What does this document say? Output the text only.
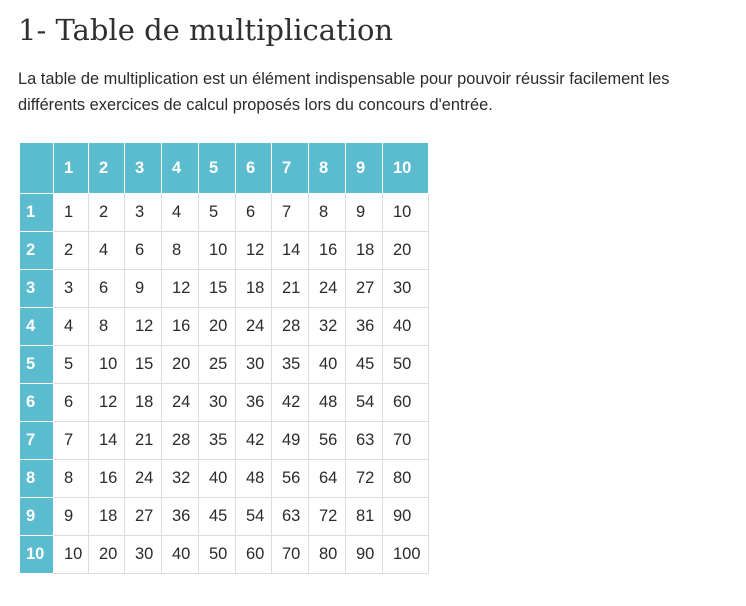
1- Table de multiplication

La table de multiplication est un élément indispensable pour pouvoir réussir facilement les différents exercices de calcul proposés lors du concours d'entrée.

	1	2	3	4	5	6	7	8	9	10
1	1	2	3	4	5	6	7	8	9	10
2	2	4	6	8	10	12	14	16	18	20
3	3	6	9	12	15	18	21	24	27	30
4	4	8	12	16	20	24	28	32	36	40
5	5	10	15	20	25	30	35	40	45	50
6	6	12	18	24	30	36	42	48	54	60
7	7	14	21	28	35	42	49	56	63	70
8	8	16	24	32	40	48	56	64	72	80
9	9	18	27	36	45	54	63	72	81	90
10	10	20	30	40	50	60	70	80	90	100
